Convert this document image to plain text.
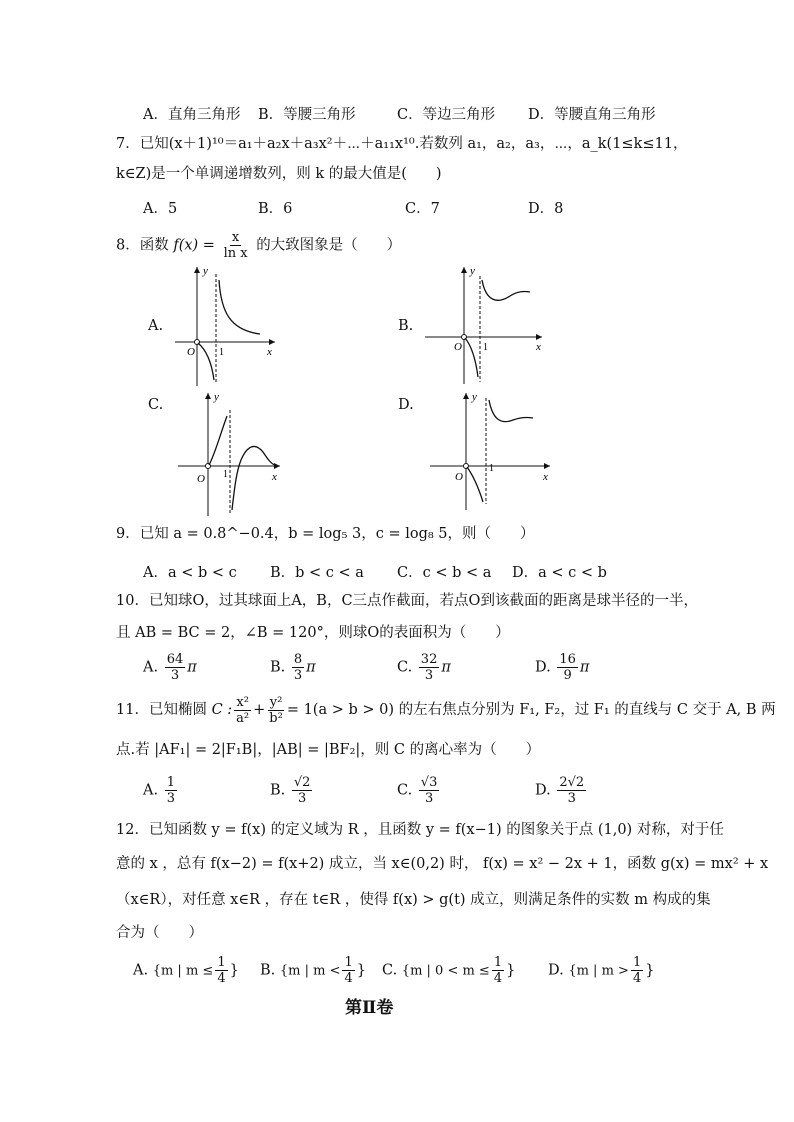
A．直角三角形 B．等腰三角形	C．等边三角形 D．等腰直角三角形
7．已知(x＋1)¹⁰＝a₁＋a₂x＋a₃x²＋⋯＋a₁₁x¹⁰.若数列 a₁，a₂，a₃，⋯，a_k(1≤k≤11，
k∈Z)是一个单调递增数列，则 k 的最大值是(　　)
A．5	B．6	C．7	D．8
8．函数 $f(x) = \frac{x}{\text{ln x}}$ 的大致图象是（　　）
A.	B.
C.	D.
y
O 1	x
y
O 1	x
y
O 1	x
y
O
1
x
9．已知 a = 0.8^−0.4，b = log₅ 3，c = log₈ 5，则（　　）
A．a < b < c B．b < c < a C．c < b < a D．a < c < b
10．已知球O，过其球面上A，B，C三点作截面，若点O到该截面的距离是球半径的一半，
且 AB = BC = 2，∠B = 120°，则球O的表面积为（　　）
A. $\frac{64}{3}$ π	B. $\frac{8}{3}$ π	C. $\frac{32}{3}$ π	D. $\frac{16}{9}$ π
11．已知椭圆 C : $\frac{\text{x²}}{\text{a²}} + \frac{\text{y²}}{\text{b²}} = 1(a > b > 0)$ 的左右焦点分别为 F₁, F₂，过 F₁ 的直线与 C 交于 A, B 两
点.若 |AF₁| = 2|F₁B|，|AB| = |BF₂|，则 C 的离心率为（　　）
A. $\frac{1}{3}$	B. $\frac{√2}{3}$	C. $\frac{√3}{3}$	D. $\frac{2√2}{3}$
12．已知函数 y = f(x) 的定义域为 R ，且函数 y = f(x−1) 的图象关于点 (1,0) 对称，对于任
意的 x ，总有 f(x−2) = f(x+2) 成立，当 x∈(0,2) 时， f(x) = x² − 2x + 1，函数 g(x) = mx² + x
（x∈R），对任意 x∈R ，存在 t∈R ，使得 f(x) > g(t) 成立，则满足条件的实数 m 构成的集
合为（　　）
A. {m | $m \le \frac{1}{4}$ } B. {m | $m < \frac{1}{4}$ } C. {m | $0 < m \le \frac{1}{4}$ } D. {m | $m > \frac{1}{4}$ }
第Ⅱ卷
